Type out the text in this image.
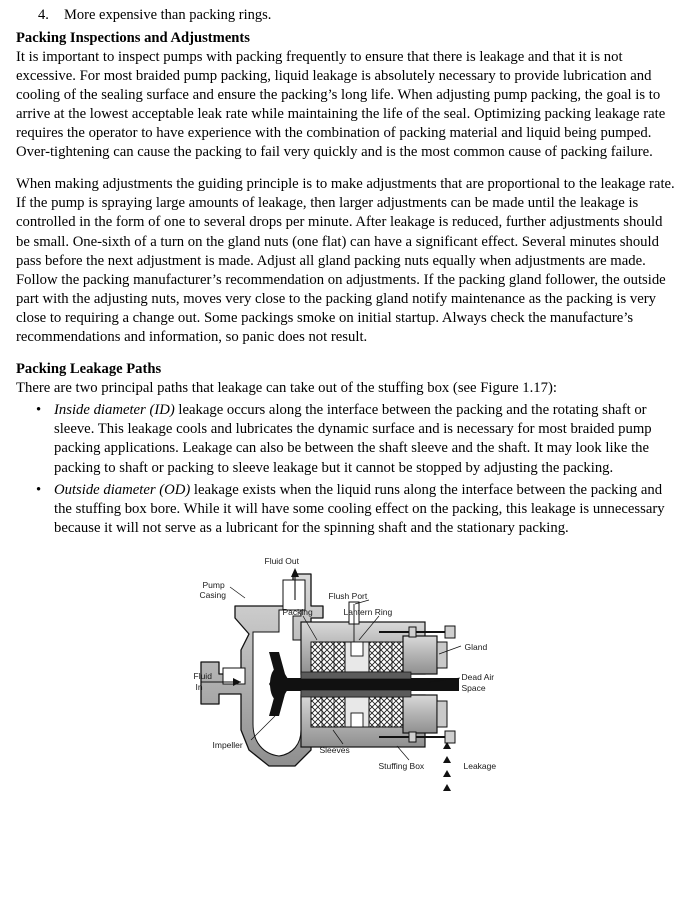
4.	More expensive than packing rings.
Packing Inspections and Adjustments

It is important to inspect pumps with packing frequently to ensure that there is leakage and that it is not excessive. For most braided pump packing, liquid leakage is absolutely necessary to provide lubrication and cooling of the sealing surface and ensure the packing’s long life. When adjusting pump packing, the goal is to arrive at the lowest acceptable leak rate while maintaining the life of the seal. Optimizing packing leakage rate requires the operator to have experience with the combination of packing material and liquid being pumped. Over-tightening can cause the packing to fail very quickly and is the most common cause of packing failure.

When making adjustments the guiding principle is to make adjustments that are proportional to the leakage rate. If the pump is spraying large amounts of leakage, then larger adjustments can be made until the leakage is controlled in the form of one to several drops per minute. After leakage is reduced, further adjustments should be small. One-sixth of a turn on the gland nuts (one flat) can have a significant effect. Several minutes should pass before the next adjustment is made. Adjust all gland packing nuts equally when adjustments are made. Follow the packing manufacturer’s recommendation on adjustments. If the packing gland follower, the outside part with the adjusting nuts, moves very close to the packing gland notify maintenance as the packing is very close to requiring a change out. Some packings smoke on initial startup. Always check the manufacture’s recommendations and information, so panic does not result.

Packing Leakage Paths

There are two principal paths that leakage can take out of the stuffing box (see Figure 1.17):

• Inside diameter (ID) leakage occurs along the interface between the packing and the rotating shaft or sleeve. This leakage cools and lubricates the dynamic surface and is necessary for most braided pump packing applications. Leakage can also be between the shaft sleeve and the shaft. It may look like the packing to shaft or packing to sleeve leakage but it cannot be stopped by adjusting the packing.
• Outside diameter (OD) leakage exists when the liquid runs along the interface between the packing and the stuffing box bore. While it will have some cooling effect on the packing, this leakage is unnecessary because it will not serve as a lubricant for the spinning shaft and the stationary packing.
Fluid Out
Pump
Casing	Flush Port
Packing	Lantern Ring
Gland
Fluid
In
Dead Air
Space
Impeller	Sleeves
Stuffing Box	Leakage
